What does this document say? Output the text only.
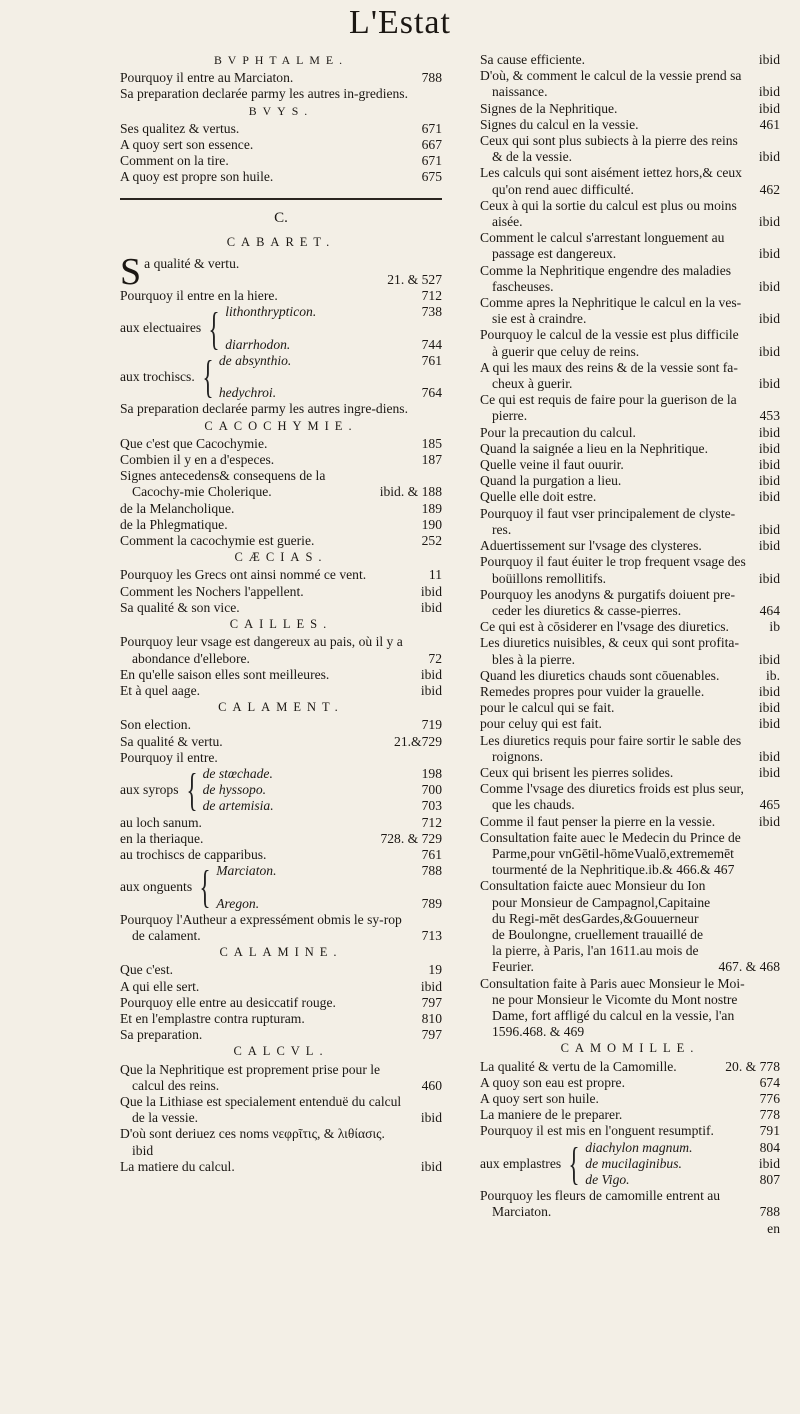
L'Estat
BVPHTALME.
Pourquoy il entre au Marciaton.	788
Sa preparation declarée parmy les autres in-grediens.
BVYS.
Ses qualitez & vertus.	671
A quoy sert son essence.	667
Comment on la tire.	671
A quoy est propre son huile.	675
C.
CABARET.
Sa qualité & vertu.
21. & 527
Pourquoy il entre en la hiere.	712
aux electuaires { lithonthrypticon.	738

diarrhodon.	744
aux trochiscs. { de absynthio.	761

hedychroi.	764
Sa preparation declarée parmy les autres ingre-diens.
CACOCHYMIE.
Que c'est que Cacochymie.	185
Combien il y en a d'especes.	187
Signes antecedens& consequens de la Cacochy-mie Cholerique.	ibid. & 188
de la Melancholique.	189
de la Phlegmatique.	190
Comment la cacochymie est guerie.	252
CÆCIAS.
Pourquoy les Grecs ont ainsi nommé ce vent.	11
Comment les Nochers l'appellent.	ibid
Sa qualité & son vice.	ibid
CAILLES.
Pourquoy leur vsage est dangereux au pais, où il y a abondance d'ellebore.	72
En qu'elle saison elles sont meilleures.	ibid
Et à quel aage.	ibid
CALAMENT.
Son election.	719
Sa qualité & vertu.	21.&729
Pourquoy il entre.
aux syrops { de stœchade.	198
de hyssopo.	700
de artemisia.	703
au loch sanum.	712
en la theriaque.	728. & 729
au trochiscs de capparibus.	761
aux onguents { Marciaton.	788

Aregon.	789
Pourquoy l'Autheur a expressément obmis le sy-rop de calament.	713
CALAMINE.
Que c'est.	19
A qui elle sert.	ibid
Pourquoy elle entre au desiccatif rouge.	797
Et en l'emplastre contra rupturam.	810
Sa preparation.	797
CALCVL.
Que la Nephritique est proprement prise pour le calcul des reins.	460
Que la Lithiase est specialement entenduë du calcul de la vessie.	ibid
D'où sont deriuez ces noms νεφρῖτις, & λιθίασις. ibid
La matiere du calcul.	ibid
Sa cause efficiente.	ibid
D'où, & comment le calcul de la vessie prend sa naissance.	ibid
Signes de la Nephritique.	ibid
Signes du calcul en la vessie.	461
Ceux qui sont plus subiects à la pierre des reins & de la vessie.	ibid
Les calculs qui sont aisément iettez hors,& ceux qu'on rend auec difficulté.	462
Ceux à qui la sortie du calcul est plus ou moins aisée.	ibid
Comment le calcul s'arrestant longuement au passage est dangereux.	ibid
Comme la Nephritique engendre des maladies fascheuses.	ibid
Comme apres la Nephritique le calcul en la ves-sie est à craindre.	ibid
Pourquoy le calcul de la vessie est plus difficile à guerir que celuy de reins.	ibid
A qui les maux des reins & de la vessie sont fa-cheux à guerir.	ibid
Ce qui est requis de faire pour la guerison de la pierre.	453
Pour la precaution du calcul.	ibid
Quand la saignée a lieu en la Nephritique.	ibid
Quelle veine il faut ouurir.	ibid
Quand la purgation a lieu.	ibid
Quelle elle doit estre.	ibid
Pourquoy il faut vser principalement de clyste-res.	ibid
Aduertissement sur l'vsage des clysteres.	ibid
Pourquoy il faut éuiter le trop frequent vsage des boüillons remollitifs.	ibid
Pourquoy les anodyns & purgatifs doiuent pre-ceder les diuretics & casse-pierres.	464
Ce qui est à cōsiderer en l'vsage des diuretics.	ib
Les diuretics nuisibles, & ceux qui sont profita-bles à la pierre.	ibid
Quand les diuretics chauds sont cōuenables.	ib.
Remedes propres pour vuider la grauelle.	ibid
pour le calcul qui se fait.	ibid
pour celuy qui est fait.	ibid
Les diuretics requis pour faire sortir le sable des roignons.	ibid
Ceux qui brisent les pierres solides.	ibid
Comme l'vsage des diuretics froids est plus seur, que les chauds.	465
Comme il faut penser la pierre en la vessie.	ibid
Consultation faite auec le Medecin du Prince de Parme,pour vnGētil-hōmeVualō,extrememēt tourmenté de la Nephritique.ib.& 466.& 467
Consultation faicte auec Monsieur du Ion pour Monsieur de Campagnol,Capitaine du Regi-mēt desGardes,&Gouuerneur de Boulongne, cruellement trauaillé de la pierre, à Paris, l'an 1611.au mois de Feurier.	467. & 468
Consultation faite à Paris auec Monsieur le Moi-ne pour Monsieur le Vicomte du Mont nostre Dame, fort affligé du calcul en la vessie, l'an 1596.468. & 469
CAMOMILLE.
La qualité & vertu de la Camomille.	20. & 778
A quoy son eau est propre.	674
A quoy sert son huile.	776
La maniere de le preparer.	778
Pourquoy il est mis en l'onguent resumptif.	791
aux emplastres { diachylon magnum.	804
de mucilaginibus.	ibid
de Vigo.	807
Pourquoy les fleurs de camomille entrent au Marciaton.	788
en
